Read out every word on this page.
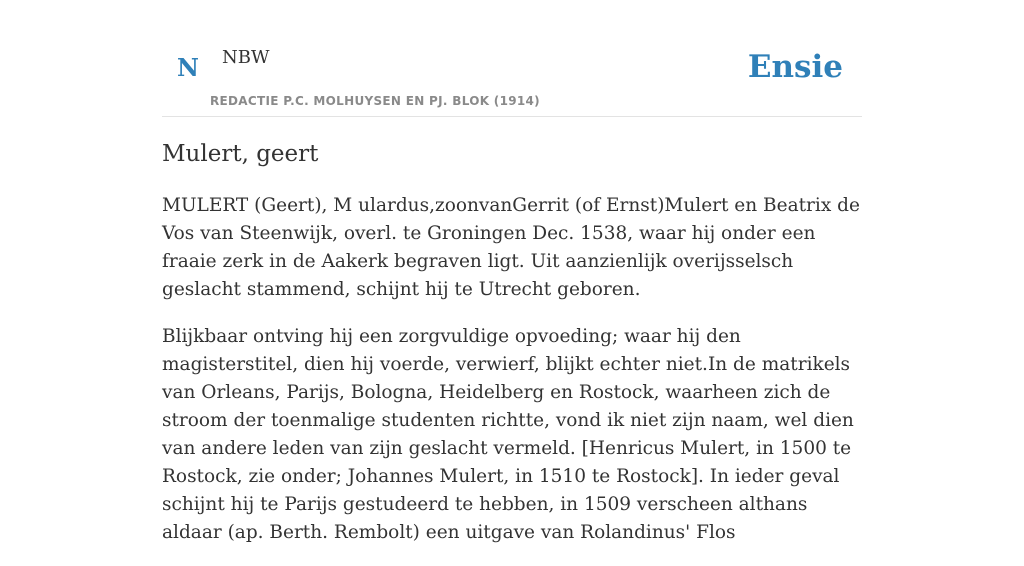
N NBW
REDACTIE P.C. MOLHUYSEN EN PJ. BLOK (1914)
Ensie
Mulert, geert

MULERT (Geert), M ulardus,zoonvanGerrit (of Ernst)Mulert en Beatrix de Vos van Steenwijk, overl. te Groningen Dec. 1538, waar hij onder een fraaie zerk in de Aakerk begraven ligt. Uit aanzienlijk overijsselsch geslacht stammend, schijnt hij te Utrecht geboren.

Blijkbaar ontving hij een zorgvuldige opvoeding; waar hij den magisterstitel, dien hij voerde, verwierf, blijkt echter niet.In de matrikels van Orleans, Parijs, Bologna, Heidelberg en Rostock, waarheen zich de stroom der toenmalige studenten richtte, vond ik niet zijn naam, wel dien van andere leden van zijn geslacht vermeld. [Henricus Mulert, in 1500 te Rostock, zie onder; Johannes Mulert, in 1510 te Rostock]. In ieder geval schijnt hij te Parijs gestudeerd te hebben, in 1509 verscheen althans aldaar (ap. Berth. Rembolt) een uitgave van Rolandinus' Flos
